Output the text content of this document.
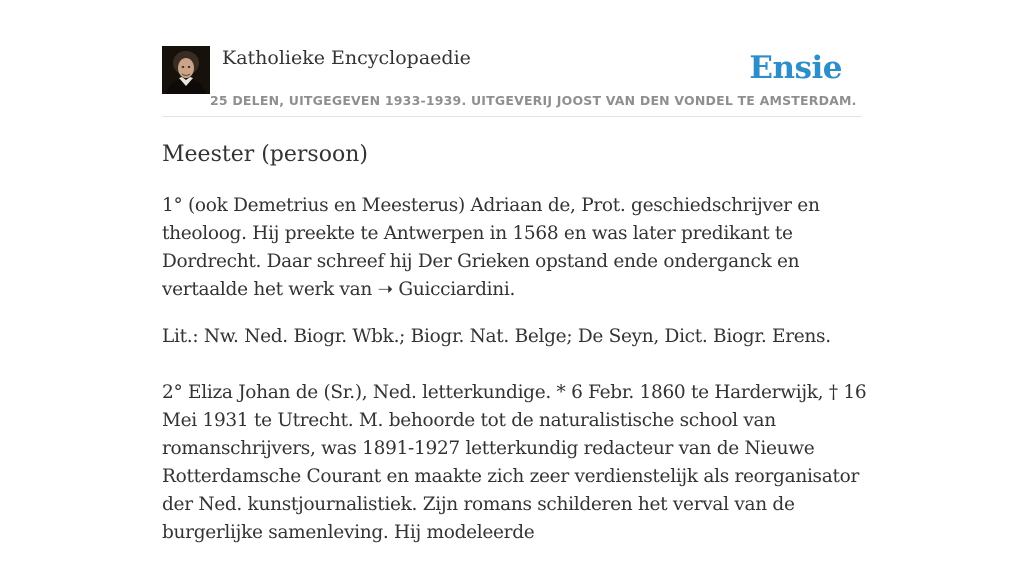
Katholieke Encyclopaedie	Ensie
25 DELEN, UITGEGEVEN 1933-1939. UITGEVERIJ JOOST VAN DEN VONDEL TE AMSTERDAM.
Meester (persoon)

1° (ook Demetrius en Meesterus) Adriaan de, Prot. geschiedschrijver en theoloog. Hij preekte te Antwerpen in 1568 en was later predikant te Dordrecht. Daar schreef hij Der Grieken opstand ende onderganck en vertaalde het werk van ➝ Guicciardini.

Lit.: Nw. Ned. Biogr. Wbk.; Biogr. Nat. Belge; De Seyn, Dict. Biogr. Erens.

2° Eliza Johan de (Sr.), Ned. letterkundige. * 6 Febr. 1860 te Harderwijk, † 16 Mei 1931 te Utrecht. M. behoorde tot de naturalistische school van romanschrijvers, was 1891-1927 letterkundig redacteur van de Nieuwe Rotterdamsche Courant en maakte zich zeer verdienstelijk als reorganisator der Ned. kunstjournalistiek. Zijn romans schilderen het verval van de burgerlijke samenleving. Hij modeleerde
